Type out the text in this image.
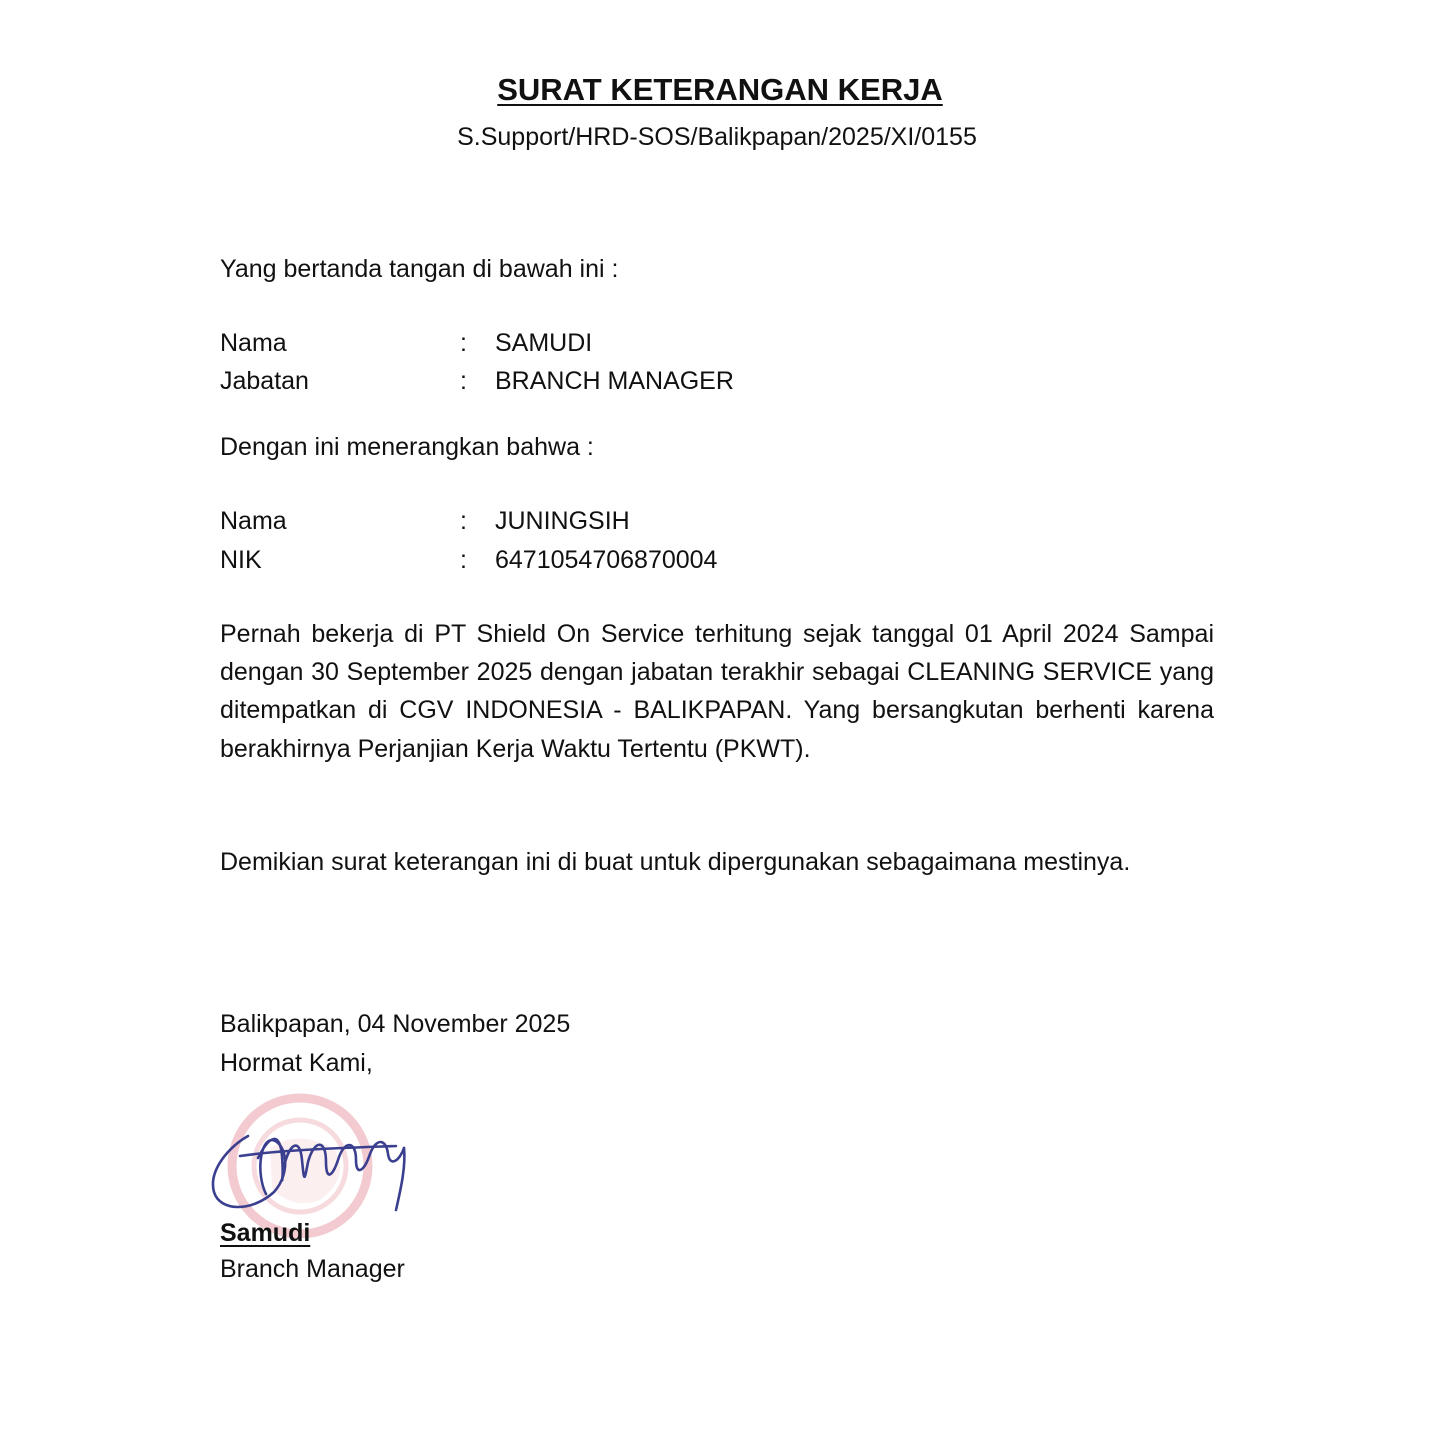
SURAT KETERANGAN KERJA
S.Support/HRD-SOS/Balikpapan/2025/XI/0155
Yang bertanda tangan di bawah ini :
Nama	: SAMUDI
Jabatan	: BRANCH MANAGER
Dengan ini menerangkan bahwa :
Nama	: JUNINGSIH
NIK	: 6471054706870004
Pernah bekerja di PT Shield On Service terhitung sejak tanggal 01 April 2024 Sampai dengan 30 September 2025 dengan jabatan terakhir sebagai CLEANING SERVICE yang ditempatkan di CGV INDONESIA - BALIKPAPAN. Yang bersangkutan berhenti karena berakhirnya Perjanjian Kerja Waktu Tertentu (PKWT).
Demikian surat keterangan ini di buat untuk dipergunakan sebagaimana mestinya.
Balikpapan, 04 November 2025
Hormat Kami,
Samudi
Branch Manager
